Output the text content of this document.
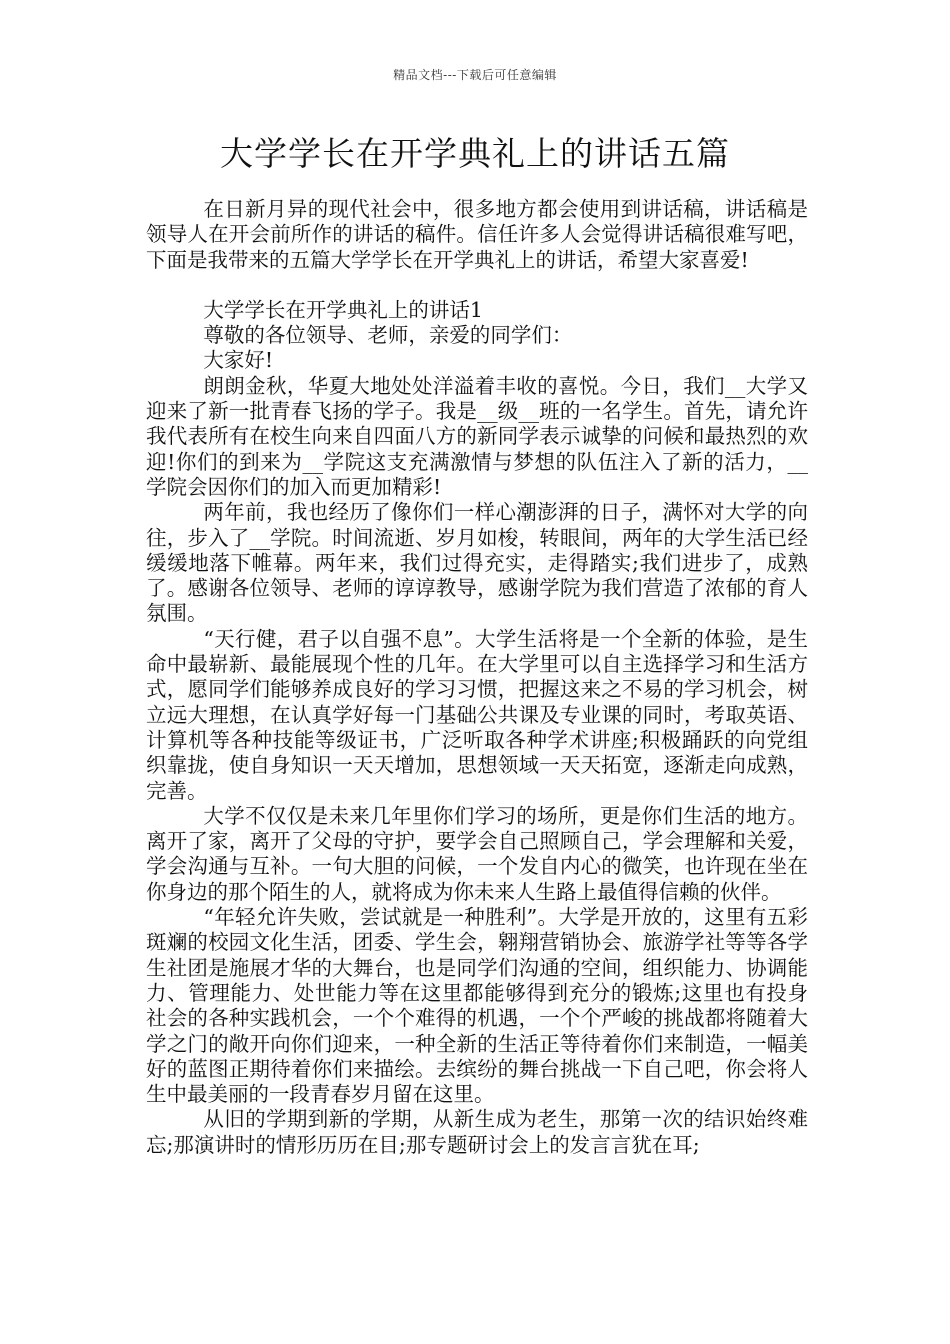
精品文档---下载后可任意编辑
大学学长在开学典礼上的讲话五篇

在日新月异的现代社会中，很多地方都会使用到讲话稿，讲话稿是领导人在开会前所作的讲话的稿件。信任许多人会觉得讲话稿很难写吧，下面是我带来的五篇大学学长在开学典礼上的讲话，希望大家喜爱!

大学学长在开学典礼上的讲话1

尊敬的各位领导、老师，亲爱的同学们：

大家好!

朗朗金秋，华夏大地处处洋溢着丰收的喜悦。今日，我们__大学又迎来了新一批青春飞扬的学子。我是__级__班的一名学生。首先，请允许我代表所有在校生向来自四面八方的新同学表示诚挚的问候和最热烈的欢迎!你们的到来为__学院这支充满激情与梦想的队伍注入了新的活力，__学院会因你们的加入而更加精彩!

两年前，我也经历了像你们一样心潮澎湃的日子，满怀对大学的向往，步入了__学院。时间流逝、岁月如梭，转眼间，两年的大学生活已经缓缓地落下帷幕。两年来，我们过得充实，走得踏实;我们进步了，成熟了。感谢各位领导、老师的谆谆教导，感谢学院为我们营造了浓郁的育人氛围。

“天行健，君子以自强不息”。大学生活将是一个全新的体验，是生命中最崭新、最能展现个性的几年。在大学里可以自主选择学习和生活方式，愿同学们能够养成良好的学习习惯，把握这来之不易的学习机会，树立远大理想，在认真学好每一门基础公共课及专业课的同时，考取英语、计算机等各种技能等级证书，广泛听取各种学术讲座;积极踊跃的向党组织靠拢，使自身知识一天天增加，思想领域一天天拓宽，逐渐走向成熟，完善。

大学不仅仅是未来几年里你们学习的场所，更是你们生活的地方。离开了家，离开了父母的守护，要学会自己照顾自己，学会理解和关爱，学会沟通与互补。一句大胆的问候，一个发自内心的微笑，也许现在坐在你身边的那个陌生的人，就将成为你未来人生路上最值得信赖的伙伴。

“年轻允许失败，尝试就是一种胜利”。大学是开放的，这里有五彩斑斓的校园文化生活，团委、学生会，翱翔营销协会、旅游学社等等各学生社团是施展才华的大舞台，也是同学们沟通的空间，组织能力、协调能力、管理能力、处世能力等在这里都能够得到充分的锻炼;这里也有投身社会的各种实践机会，一个个难得的机遇，一个个严峻的挑战都将随着大学之门的敞开向你们迎来，一种全新的生活正等待着你们来制造，一幅美好的蓝图正期待着你们来描绘。去缤纷的舞台挑战一下自己吧，你会将人生中最美丽的一段青春岁月留在这里。

从旧的学期到新的学期，从新生成为老生，那第一次的结识始终难忘;那演讲时的情形历历在目;那专题研讨会上的发言言犹在耳;
